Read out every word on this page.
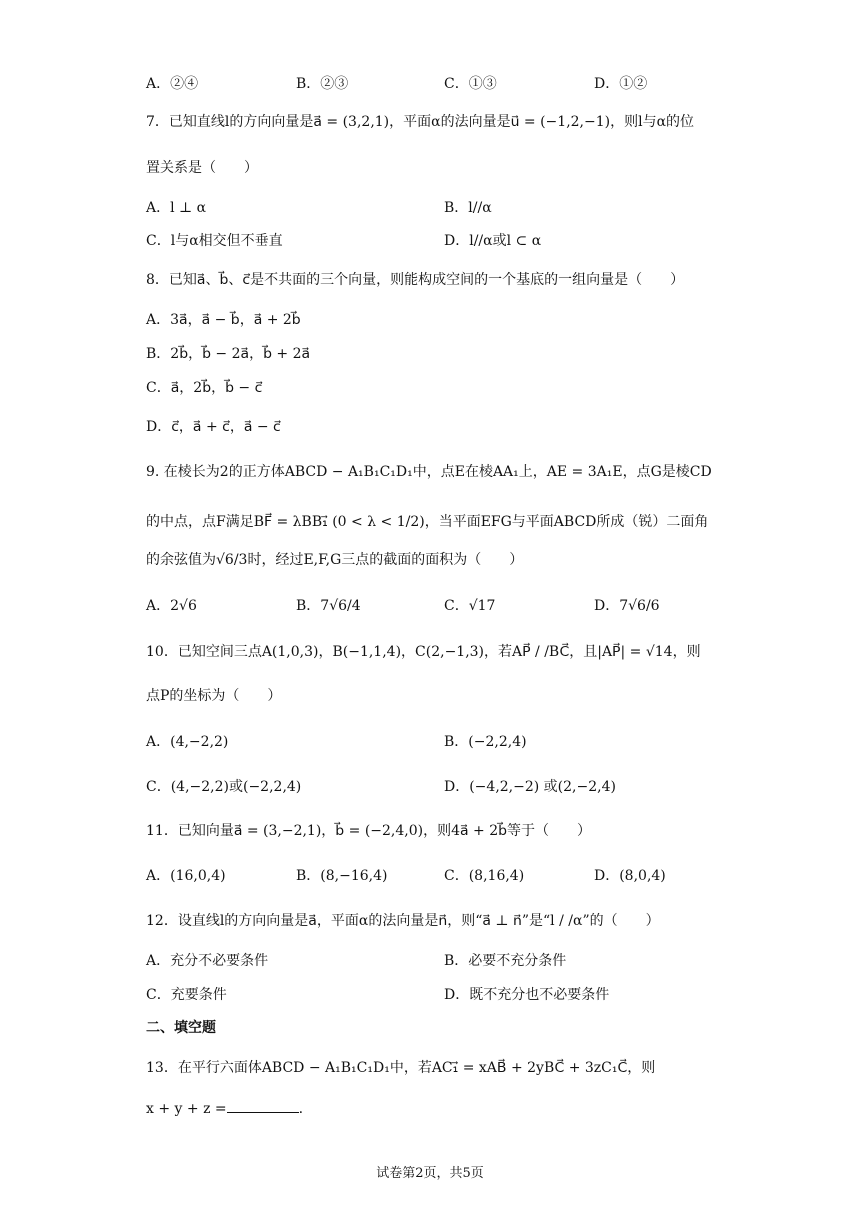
A．②④	B．②③	C．①③	D．①②
7．已知直线l的方向向量是a⃗ = (3,2,1)，平面α的法向量是u⃗ = (−1,2,−1)，则l与α的位
置关系是（　　）
A．l ⊥ α	B．l//α
C．l与α相交但不垂直	D．l//α或l ⊂ α
8．已知a⃗、b⃗、c⃗是不共面的三个向量，则能构成空间的一个基底的一组向量是（　　）
A．3a⃗，a⃗ − b⃗，a⃗ + 2b⃗
B．2b⃗，b⃗ − 2a⃗，b⃗ + 2a⃗
C．a⃗，2b⃗，b⃗ − c⃗
D．c⃗，a⃗ + c⃗，a⃗ − c⃗
9. 在棱长为2的正方体ABCD − A₁B₁C₁D₁中，点E在棱AA₁上，AE = 3A₁E，点G是棱CD
的中点，点F满足BF⃗ = λBB₁⃗ (0 < λ < 1/2)，当平面EFG与平面ABCD所成（锐）二面角
的余弦值为√6/3时，经过E,F,G三点的截面的面积为（　　）
A．2√6	B．7√6/4	C．√17	D．7√6/6
10．已知空间三点A(1,0,3)，B(−1,1,4)，C(2,−1,3)，若AP⃗ / /BC⃗，且|AP⃗| = √14，则
点P的坐标为（　　）
A．(4,−2,2)	B．(−2,2,4)
C．(4,−2,2)或(−2,2,4)	D．(−4,2,−2) 或(2,−2,4)
11．已知向量a⃗ = (3,−2,1)，b⃗ = (−2,4,0)，则4a⃗ + 2b⃗等于（　　）
A．(16,0,4)	B．(8,−16,4)	C．(8,16,4)	D．(8,0,4)
12．设直线l的方向向量是a⃗，平面α的法向量是n⃗，则“a⃗ ⊥ n⃗”是“l / /α”的（　　）
A．充分不必要条件	B．必要不充分条件
C．充要条件	D．既不充分也不必要条件
二、填空题
13．在平行六面体ABCD − A₁B₁C₁D₁中，若AC₁⃗ = xAB⃗ + 2yBC⃗ + 3zC₁C⃗，则
x + y + z =	.
试卷第2页，共5页
